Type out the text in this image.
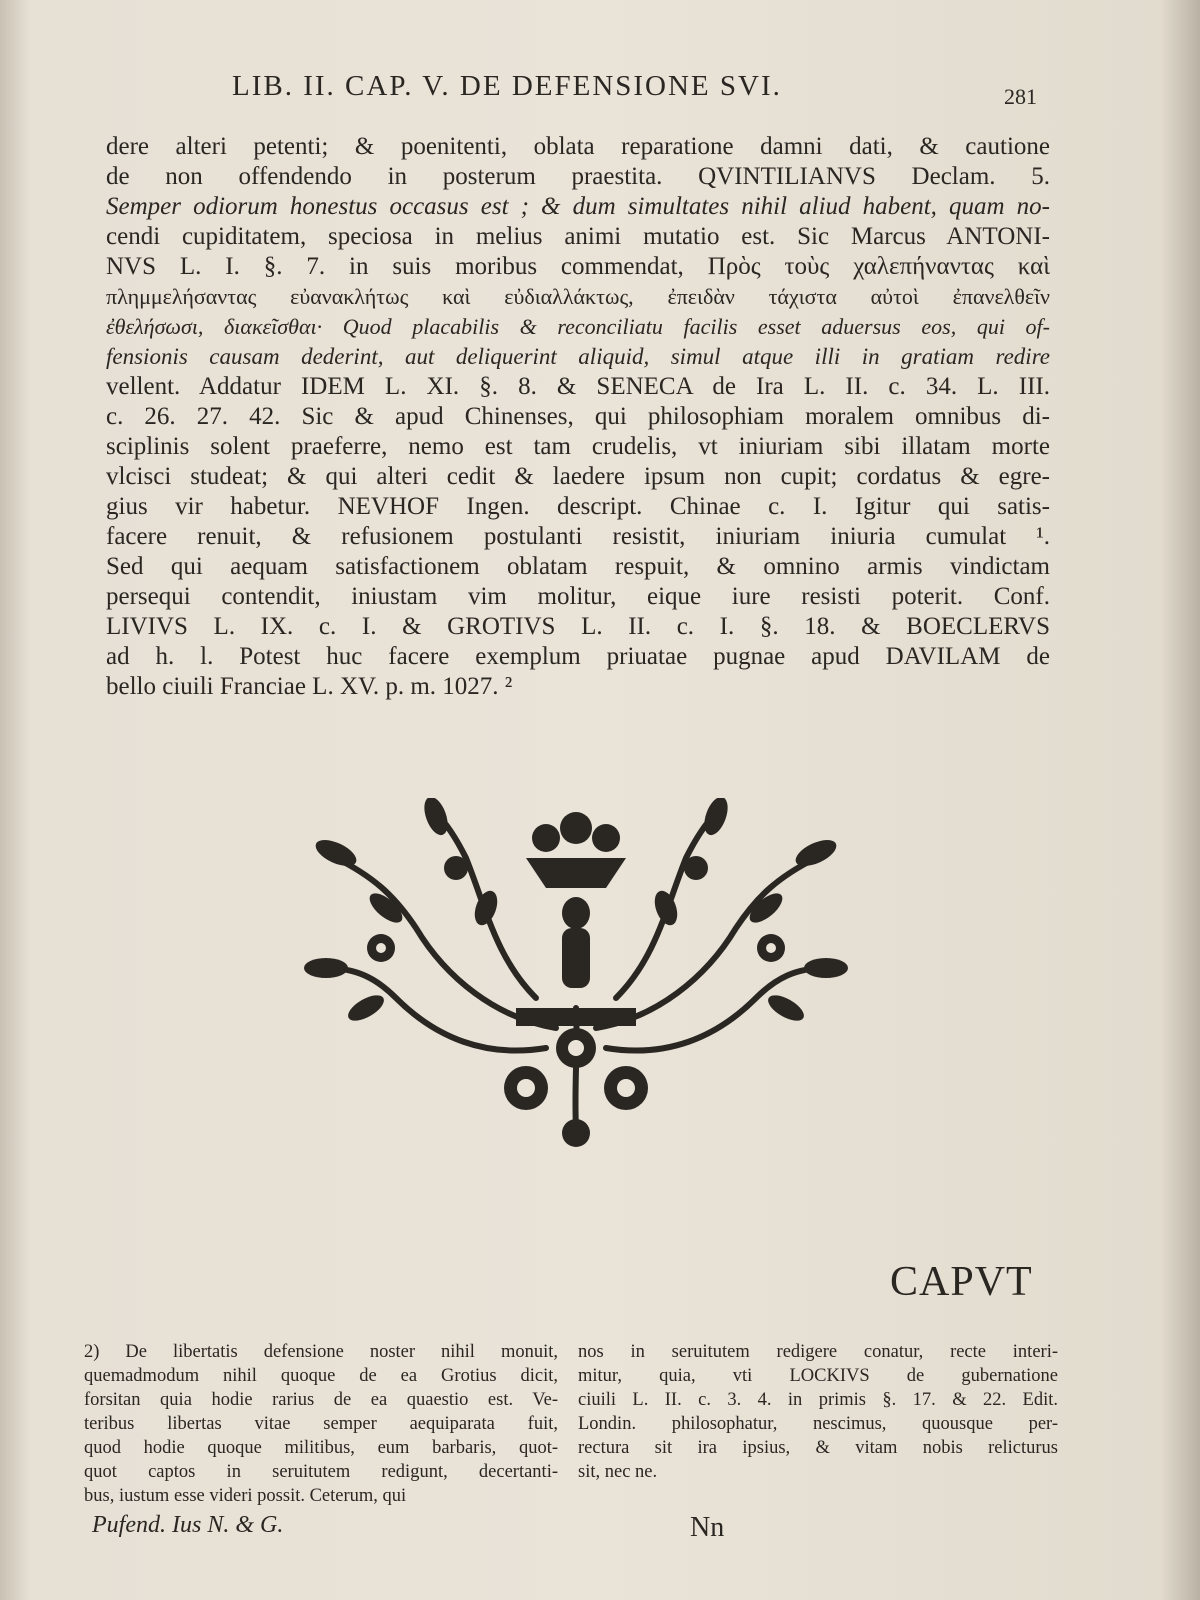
LIB. II. CAP. V. DE DEFENSIONE SVI.	281
dere alteri petenti; & poenitenti, oblata reparatione damni dati, & cautione
de non offendendo in posterum praestita. QVINTILIANVS Declam. 5.
Semper odiorum honestus occasus est ; & dum simultates nihil aliud habent, quam no-
cendi cupiditatem, speciosa in melius animi mutatio est. Sic Marcus ANTONI-
NVS L. I. §. 7. in suis moribus commendat, Πρὸς τοὺς χαλεπήναντας καὶ
πλημμελήσαντας εὐανακλήτως καὶ εὐδιαλλάκτως, ἐπειδὰν τάχιστα αὐτοὶ ἐπανελθεῖν
ἐθελήσωσι, διακεῖσθαι· Quod placabilis & reconciliatu facilis esset aduersus eos, qui of-
fensionis causam dederint, aut deliquerint aliquid, simul atque illi in gratiam redire
vellent. Addatur IDEM L. XI. §. 8. & SENECA de Ira L. II. c. 34. L. III.
c. 26. 27. 42. Sic & apud Chinenses, qui philosophiam moralem omnibus di-
sciplinis solent praeferre, nemo est tam crudelis, vt iniuriam sibi illatam morte
vlcisci studeat; & qui alteri cedit & laedere ipsum non cupit; cordatus & egre-
gius vir habetur. NEVHOF Ingen. descript. Chinae c. I. Igitur qui satis-
facere renuit, & refusionem postulanti resistit, iniuriam iniuria cumulat ¹.
Sed qui aequam satisfactionem oblatam respuit, & omnino armis vindictam
persequi contendit, iniustam vim molitur, eique iure resisti poterit. Conf.
LIVIVS L. IX. c. I. & GROTIVS L. II. c. I. §. 18. & BOECLERVS
ad h. l. Potest huc facere exemplum priuatae pugnae apud DAVILAM de
bello ciuili Franciae L. XV. p. m. 1027. ²
CAPVT
2) De libertatis defensione noster nihil monuit,
quemadmodum nihil quoque de ea Grotius dicit,
forsitan quia hodie rarius de ea quaestio est. Ve-
teribus libertas vitae semper aequiparata fuit,
quod hodie quoque militibus, eum barbaris, quot-
quot captos in seruitutem redigunt, decertanti-
bus, iustum esse videri possit. Ceterum, qui
nos in seruitutem redigere conatur, recte interi-
mitur, quia, vti LOCKIVS de gubernatione
ciuili L. II. c. 3. 4. in primis §. 17. & 22. Edit.
Londin. philosophatur, nescimus, quousque per-
rectura sit ira ipsius, & vitam nobis relicturus
sit, nec ne.
Pufend. Ius N. & G.	Nn
